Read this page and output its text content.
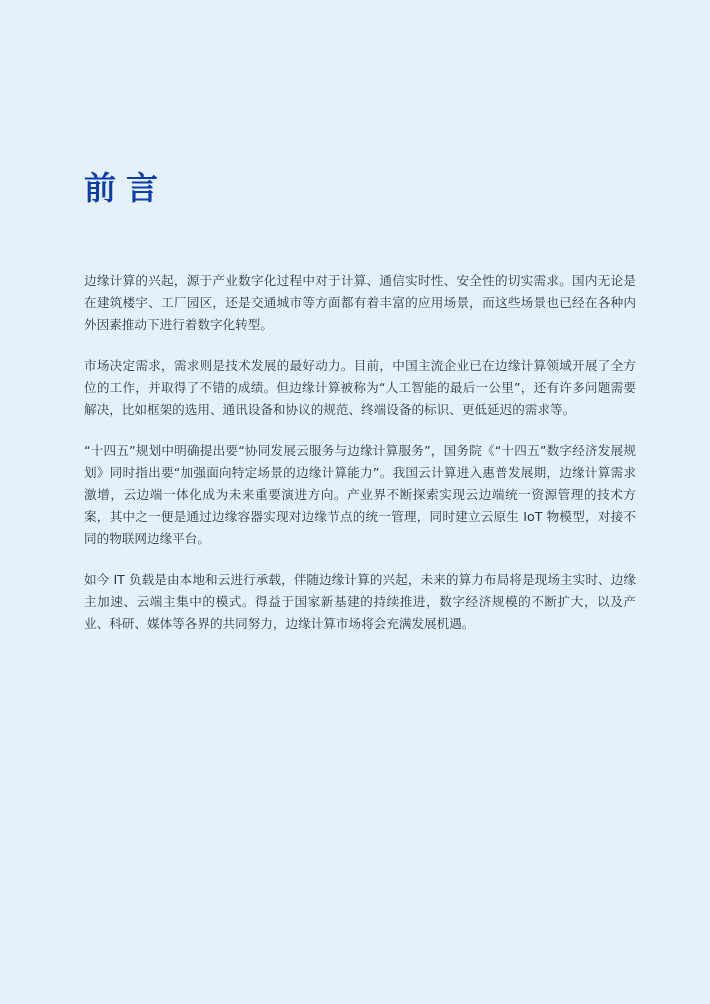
前言

边缘计算的兴起，源于产业数字化过程中对于计算、通信实时性、安全性的切实需求。国内无论是在建筑楼宇、工厂园区，还是交通城市等方面都有着丰富的应用场景，而这些场景也已经在各种内外因素推动下进行着数字化转型。

市场决定需求，需求则是技术发展的最好动力。目前，中国主流企业已在边缘计算领域开展了全方位的工作，并取得了不错的成绩。但边缘计算被称为“人工智能的最后一公里”，还有许多问题需要解决，比如框架的选用、通讯设备和协议的规范、终端设备的标识、更低延迟的需求等。

“十四五”规划中明确提出要“协同发展云服务与边缘计算服务”，国务院《“十四五”数字经济发展规划》同时指出要“加强面向特定场景的边缘计算能力”。我国云计算进入惠普发展期，边缘计算需求激增，云边端一体化成为未来重要演进方向。产业界不断探索实现云边端统一资源管理的技术方案，其中之一便是通过边缘容器实现对边缘节点的统一管理，同时建立云原生 IoT 物模型，对接不同的物联网边缘平台。

如今 IT 负载是由本地和云进行承载，伴随边缘计算的兴起，未来的算力布局将是现场主实时、边缘主加速、云端主集中的模式。得益于国家新基建的持续推进，数字经济规模的不断扩大，以及产业、科研、媒体等各界的共同努力，边缘计算市场将会充满发展机遇。
